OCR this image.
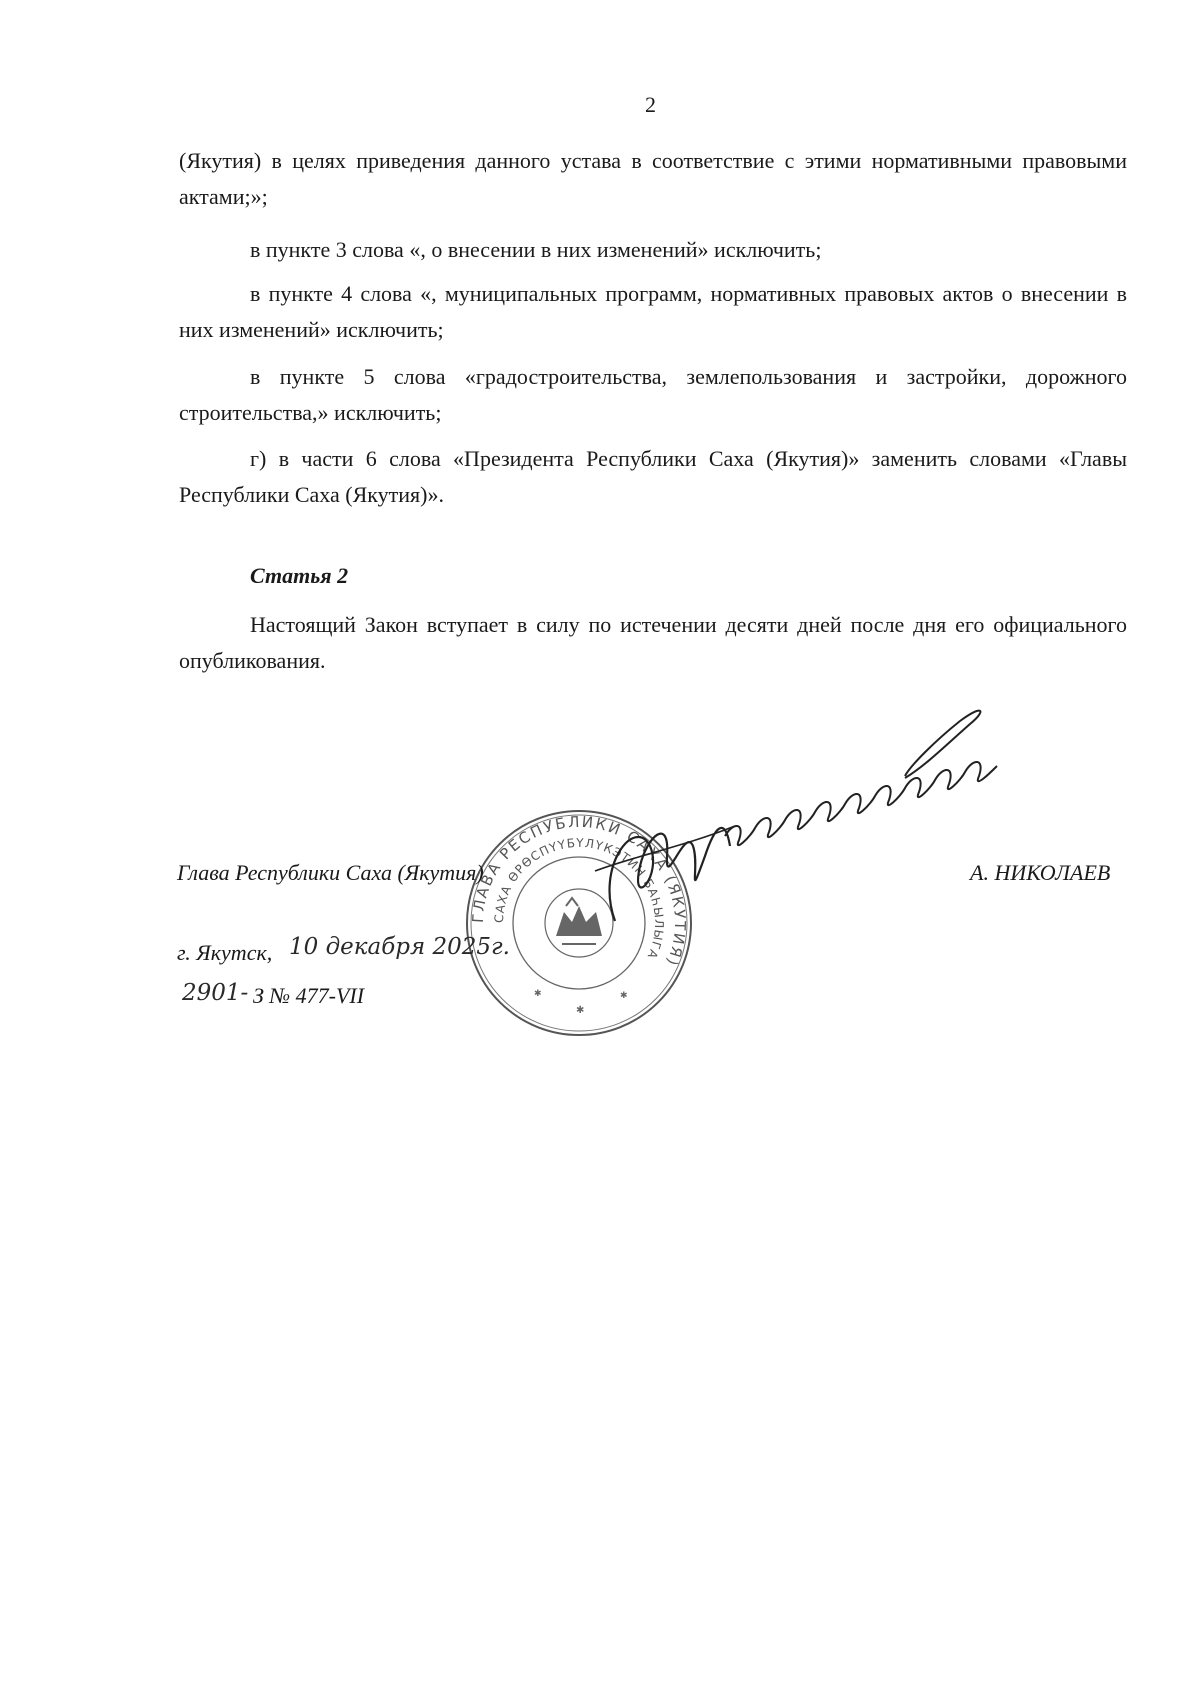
2

(Якутия) в целях приведения данного устава в соответствие с этими нормативными правовыми актами;»;

в пункте 3 слова «, о внесении в них изменений» исключить;

в пункте 4 слова «, муниципальных программ, нормативных правовых актов о внесении в них изменений» исключить;

в пункте 5 слова «градостроительства, землепользования и застройки, дорожного строительства,» исключить;

г) в части 6 слова «Президента Республики Саха (Якутия)» заменить словами «Главы Республики Саха (Якутия)».

Статья 2

Настоящий Закон вступает в силу по истечении десяти дней после дня его официального опубликования.

ГЛАВА РЕСПУБЛИКИ САХА (ЯКУТИЯ)
САХА ӨРӨСПҮҮБҮЛҮКЭТИН БАҺЫЛЫГА
✱
✱	✱
Глава Республики Саха (Якутия)	А. НИКОЛАЕВ
г. Якутск, 10 декабря 2025г.
2901- З № 477-VII
